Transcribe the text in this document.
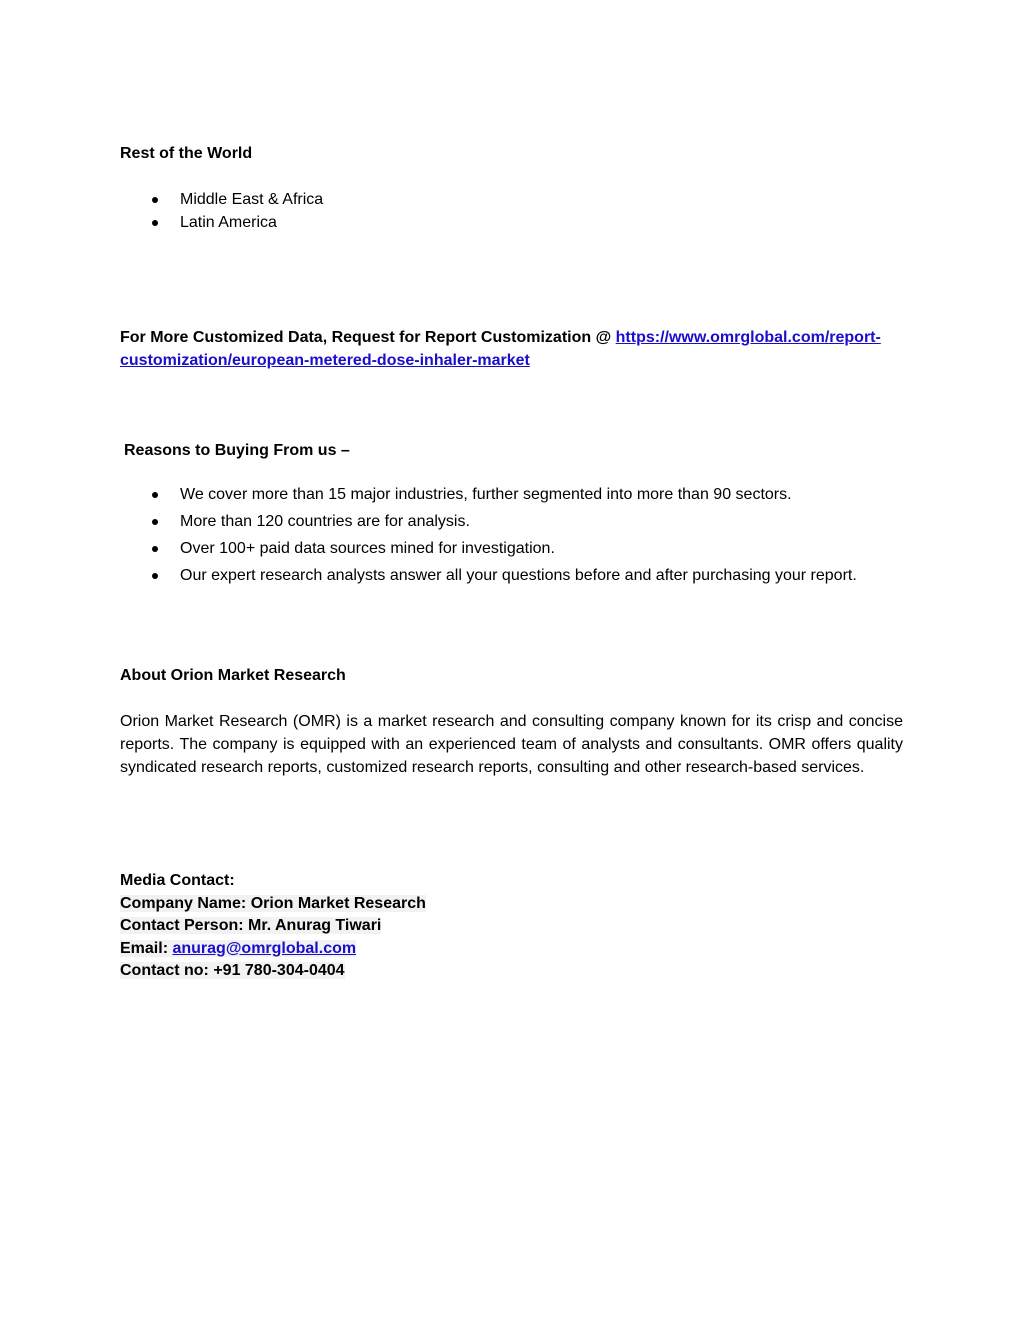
Rest of the World
Middle East & Africa
Latin America
For More Customized Data, Request for Report Customization @ https://www.omrglobal.com/report-
customization/european-metered-dose-inhaler-market
Reasons to Buying From us –
We cover more than 15 major industries, further segmented into more than 90 sectors.
More than 120 countries are for analysis.
Over 100+ paid data sources mined for investigation.
Our expert research analysts answer all your questions before and after purchasing your report.
About Orion Market Research

Orion Market Research (OMR) is a market research and consulting company known for its crisp and concise reports. The company is equipped with an experienced team of analysts and consultants. OMR offers quality syndicated research reports, customized research reports, consulting and other research-based services.

Media Contact:
Company Name: Orion Market Research
Contact Person: Mr. Anurag Tiwari
Email: anurag@omrglobal.com
Contact no: +91 780-304-0404
